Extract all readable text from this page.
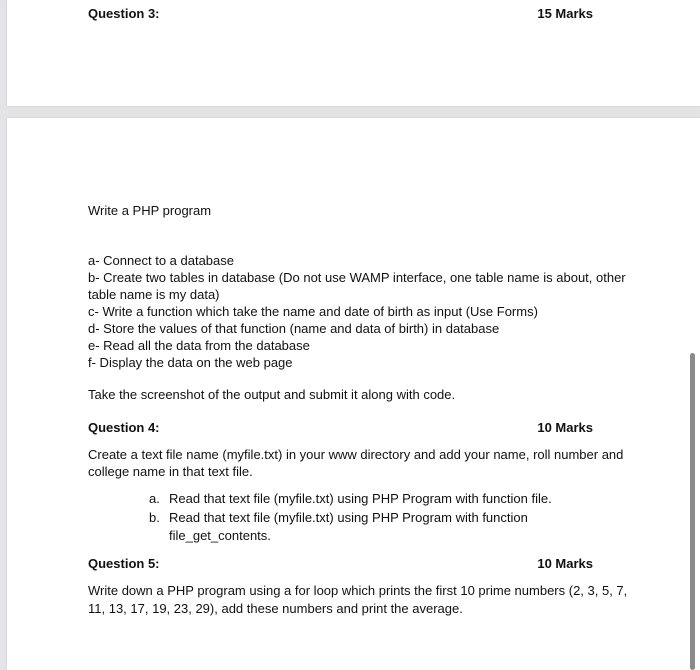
Question 3:	15 Marks
Write a PHP program
a- Connect to a database
b- Create two tables in database (Do not use WAMP interface, one table name is about, other
table name is my data)
c- Write a function which take the name and date of birth as input (Use Forms)
d- Store the values of that function (name and data of birth) in database
e- Read all the data from the database
f- Display the data on the web page
Take the screenshot of the output and submit it along with code.
Question 4:	10 Marks
Create a text file name (myfile.txt) in your www directory and add your name, roll number and
college name in that text file.
a. Read that text file (myfile.txt) using PHP Program with function file.
b. Read that text file (myfile.txt) using PHP Program with function
file_get_contents.
Question 5:	10 Marks
Write down a PHP program using a for loop which prints the first 10 prime numbers (2, 3, 5, 7,
11, 13, 17, 19, 23, 29), add these numbers and print the average.
